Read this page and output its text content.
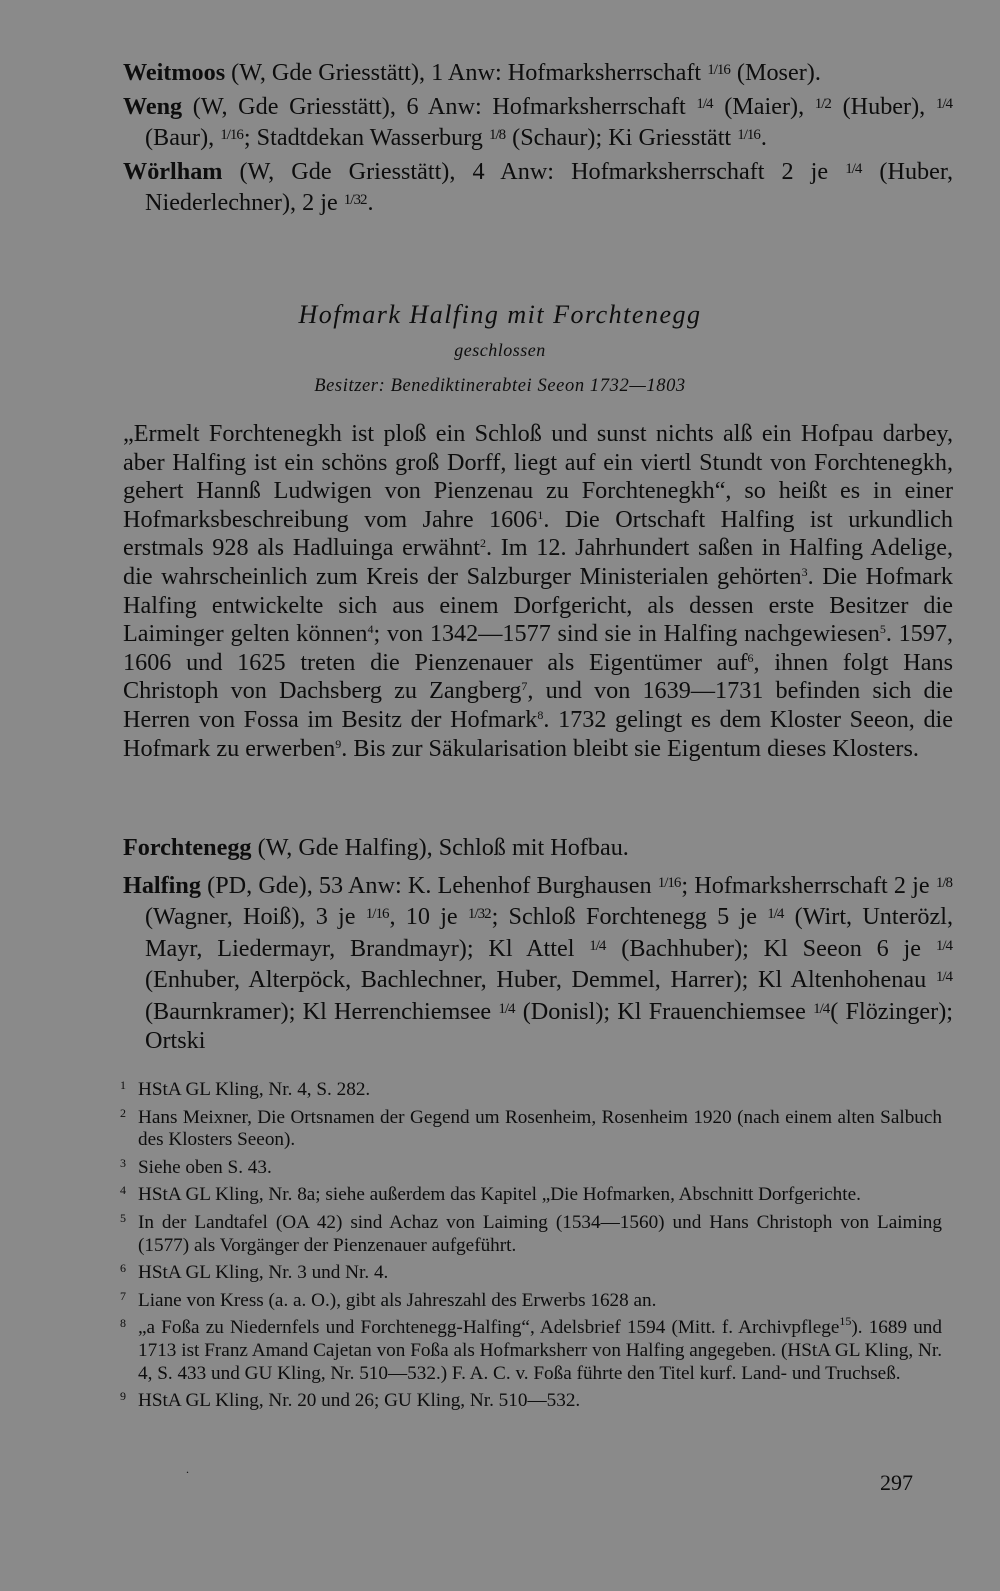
Weitmoos (W, Gde Griesstätt), 1 Anw: Hofmarksherrschaft $^{1/16}$ (Moser).

Weng (W, Gde Griesstätt), 6 Anw: Hofmarksherrschaft $^{1/4}$ (Maier), $^{1/2}$ (Huber), $^{1/4}$ (Baur), $^{1/16}$; Stadtdekan Wasserburg $^{1/8}$ (Schaur); Ki Griesstätt $^{1/16}$.

Wörlham (W, Gde Griesstätt), 4 Anw: Hofmarksherrschaft 2 je $^{1/4}$ (Huber, Niederlechner), 2 je $^{1/32}$.

Hofmark Halfing mit Forchtenegg
geschlossen
Besitzer: Benediktinerabtei Seeon 1732—1803

„Ermelt Forchtenegkh ist ploß ein Schloß und sunst nichts alß ein Hofpau darbey, aber Halfing ist ein schöns groß Dorff, liegt auf ein viertl Stundt von Forchtenegkh, gehert Hannß Ludwigen von Pienzenau zu Forchtenegkh“, so heißt es in einer Hofmarksbeschreibung vom Jahre 1606$^1$. Die Ortschaft Halfing ist urkundlich erstmals 928 als Hadluinga erwähnt$^2$. Im 12. Jahrhundert saßen in Halfing Adelige, die wahrscheinlich zum Kreis der Salzburger Ministerialen gehörten$^3$. Die Hofmark Halfing entwickelte sich aus einem Dorfgericht, als dessen erste Besitzer die Laiminger gelten können$^4$; von 1342—1577 sind sie in Halfing nachgewiesen$^5$. 1597, 1606 und 1625 treten die Pienzenauer als Eigentümer auf$^6$, ihnen folgt Hans Christoph von Dachsberg zu Zangberg$^7$, und von 1639—1731 befinden sich die Herren von Fossa im Besitz der Hofmark$^8$. 1732 gelingt es dem Kloster Seeon, die Hofmark zu erwerben$^9$. Bis zur Säkularisation bleibt sie Eigentum dieses Klosters.

Forchtenegg (W, Gde Halfing), Schloß mit Hofbau.

Halfing (PD, Gde), 53 Anw: K. Lehenhof Burghausen $^{1/16}$; Hofmarksherrschaft 2 je $^{1/8}$ (Wagner, Hoiß), 3 je $^{1/16}$, 10 je $^{1/32}$; Schloß Forchtenegg 5 je $^{1/4}$ (Wirt, Unterözl, Mayr, Liedermayr, Brandmayr); Kl Attel $^{1/4}$ (Bachhuber); Kl Seeon 6 je $^{1/4}$ (Enhuber, Alterpöck, Bachlechner, Huber, Demmel, Harrer); Kl Altenhohenau $^{1/4}$ (Baurnkramer); Kl Herrenchiemsee $^{1/4}$ (Donisl); Kl Frauenchiemsee $^{1/4}$( Flözinger); Ortski

1 HStA GL Kling, Nr. 4, S. 282.

2 Hans Meixner, Die Ortsnamen der Gegend um Rosenheim, Rosenheim 1920 (nach einem alten Salbuch des Klosters Seeon).

3 Siehe oben S. 43.

4 HStA GL Kling, Nr. 8a; siehe außerdem das Kapitel „Die Hofmarken, Abschnitt Dorfgerichte.

5 In der Landtafel (OA 42) sind Achaz von Laiming (1534—1560) und Hans Christoph von Laiming (1577) als Vorgänger der Pienzenauer aufgeführt.

6 HStA GL Kling, Nr. 3 und Nr. 4.

7 Liane von Kress (a. a. O.), gibt als Jahreszahl des Erwerbs 1628 an.

8 „a Foßa zu Niedernfels und Forchtenegg-Halfing“, Adelsbrief 1594 (Mitt. f. Archivpflege$^{15}$). 1689 und 1713 ist Franz Amand Cajetan von Foßa als Hofmarksherr von Halfing angegeben. (HStA GL Kling, Nr. 4, S. 433 und GU Kling, Nr. 510—532.) F. A. C. v. Foßa führte den Titel kurf. Land- und Truchseß.

9 HStA GL Kling, Nr. 20 und 26; GU Kling, Nr. 510—532.

.
297
